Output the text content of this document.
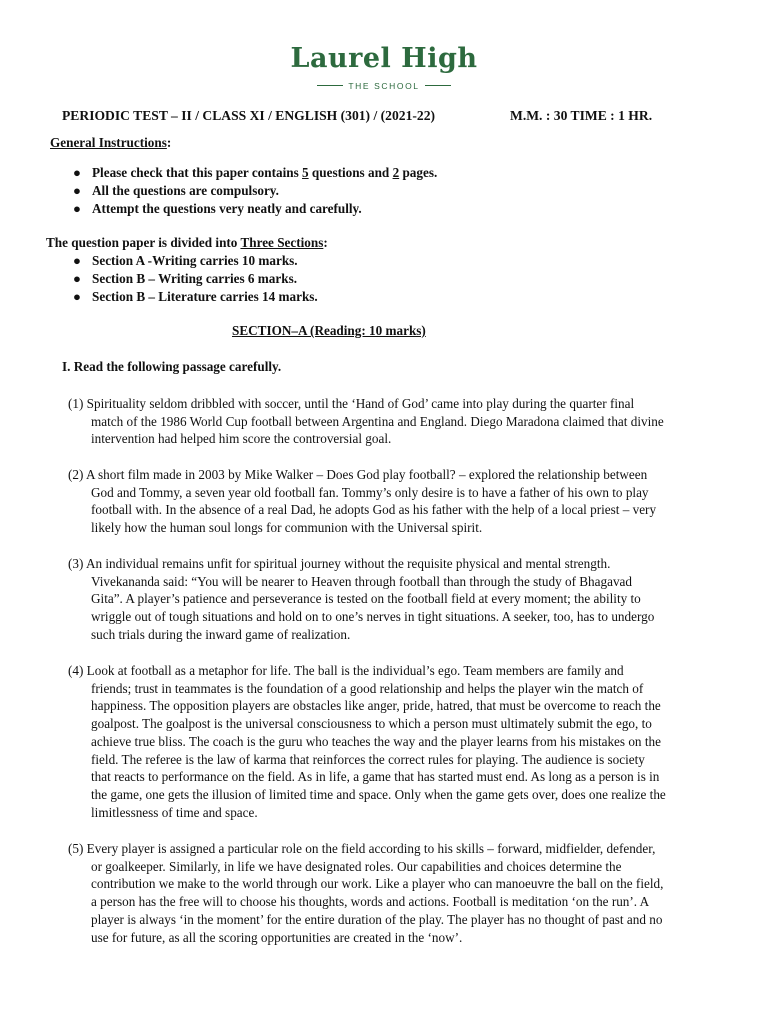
Laurel High
THE SCHOOL
PERIODIC TEST – II / CLASS XI / ENGLISH (301) / (2021-22)	M.M. : 30 TIME : 1 HR.
General Instructions:
● Please check that this paper contains 5 questions and 2 pages.
● All the questions are compulsory.
● Attempt the questions very neatly and carefully.
The question paper is divided into Three Sections:
● Section A -Writing carries 10 marks.
● Section B – Writing carries 6 marks.
● Section B – Literature carries 14 marks.
SECTION–A (Reading: 10 marks)
I. Read the following passage carefully.
(1) Spirituality seldom dribbled with soccer, until the ‘Hand of God’ came into play during the quarter final
match of the 1986 World Cup football between Argentina and England. Diego Maradona claimed that divine
intervention had helped him score the controversial goal.
(2) A short film made in 2003 by Mike Walker – Does God play football? – explored the relationship between
God and Tommy, a seven year old football fan. Tommy’s only desire is to have a father of his own to play
football with. In the absence of a real Dad, he adopts God as his father with the help of a local priest – very
likely how the human soul longs for communion with the Universal spirit.
(3) An individual remains unfit for spiritual journey without the requisite physical and mental strength.
Vivekananda said: “You will be nearer to Heaven through football than through the study of Bhagavad
Gita”. A player’s patience and perseverance is tested on the football field at every moment; the ability to
wriggle out of tough situations and hold on to one’s nerves in tight situations. A seeker, too, has to undergo
such trials during the inward game of realization.
(4) Look at football as a metaphor for life. The ball is the individual’s ego. Team members are family and
friends; trust in teammates is the foundation of a good relationship and helps the player win the match of
happiness. The opposition players are obstacles like anger, pride, hatred, that must be overcome to reach the
goalpost. The goalpost is the universal consciousness to which a person must ultimately submit the ego, to
achieve true bliss. The coach is the guru who teaches the way and the player learns from his mistakes on the
field. The referee is the law of karma that reinforces the correct rules for playing. The audience is society
that reacts to performance on the field. As in life, a game that has started must end. As long as a person is in
the game, one gets the illusion of limited time and space. Only when the game gets over, does one realize the
limitlessness of time and space.
(5) Every player is assigned a particular role on the field according to his skills – forward, midfielder, defender,
or goalkeeper. Similarly, in life we have designated roles. Our capabilities and choices determine the
contribution we make to the world through our work. Like a player who can manoeuvre the ball on the field,
a person has the free will to choose his thoughts, words and actions. Football is meditation ‘on the run’. A
player is always ‘in the moment’ for the entire duration of the play. The player has no thought of past and no
use for future, as all the scoring opportunities are created in the ‘now’.
